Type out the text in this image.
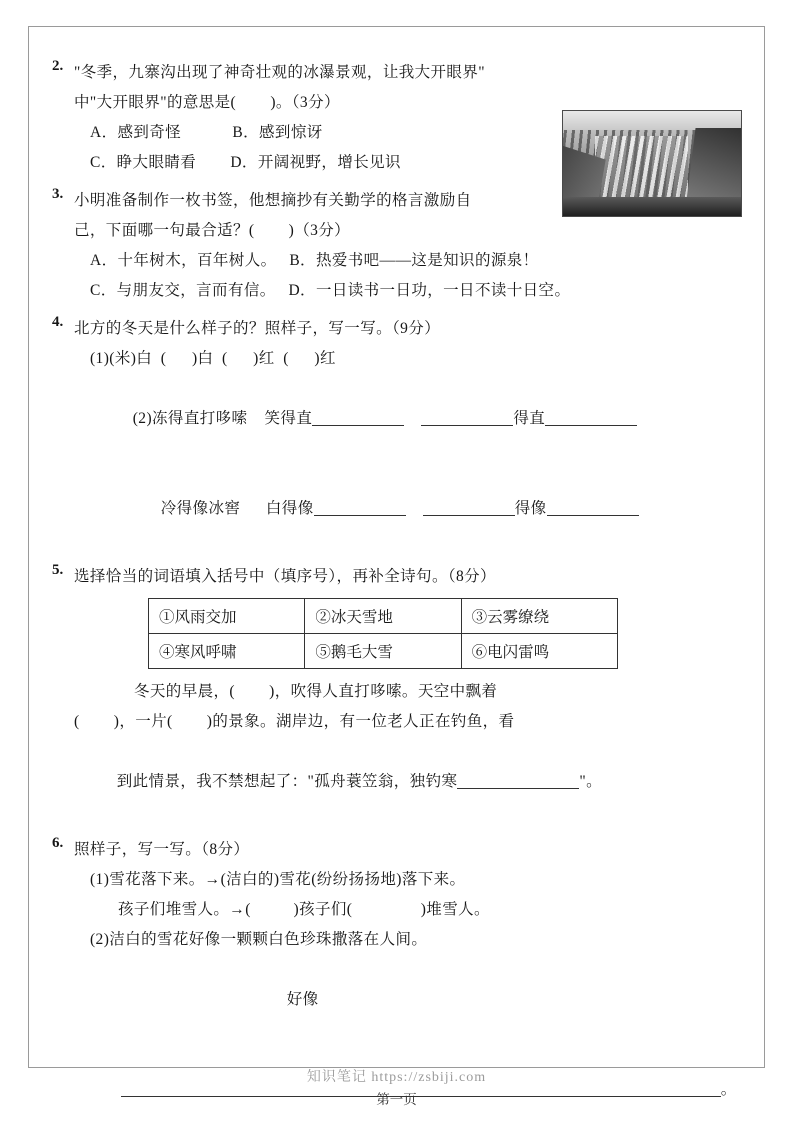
2. "冬季，九寨沟出现了神奇壮观的冰瀑景观，让我大开眼界"
中"大开眼界"的意思是(        )。（3分）
A．感到奇怪            B．感到惊讶
C．睁大眼睛看        D．开阔视野，增长见识
3. 小明准备制作一枚书签，他想摘抄有关勤学的格言激励自
己，下面哪一句最合适？(        )（3分）
A．十年树木，百年树人。   B．热爱书吧——这是知识的源泉！
C．与朋友交，言而有信。   D．一日读书一日功，一日不读十日空。
4. 北方的冬天是什么样子的？照样子，写一写。（9分）
(1)(米)白  (      )白  (      )红  (      )红

(2)冻得直打哆嗦    笑得直	得直

冷得像冰窖      白得像	得像

5. 选择恰当的词语填入括号中（填序号），再补全诗句。（8分）
①风雨交加	②冰天雪地	③云雾缭绕
④寒风呼啸	⑤鹅毛大雪	⑥电闪雷鸣
冬天的早晨，(        )，吹得人直打哆嗦。天空中飘着
(        )，一片(        )的景象。湖岸边，有一位老人正在钓鱼，看

到此情景，我不禁想起了："孤舟蓑笠翁，独钓寒	"。

6. 照样子，写一写。（8分）
(1)雪花落下来。→(洁白的)雪花(纷纷扬扬地)落下来。
孩子们堆雪人。→(          )孩子们(                )堆雪人。
(2)洁白的雪花好像一颗颗白色珍珠撒落在人间。

好像

。

知识笔记 https://zsbiji.com
第一页
